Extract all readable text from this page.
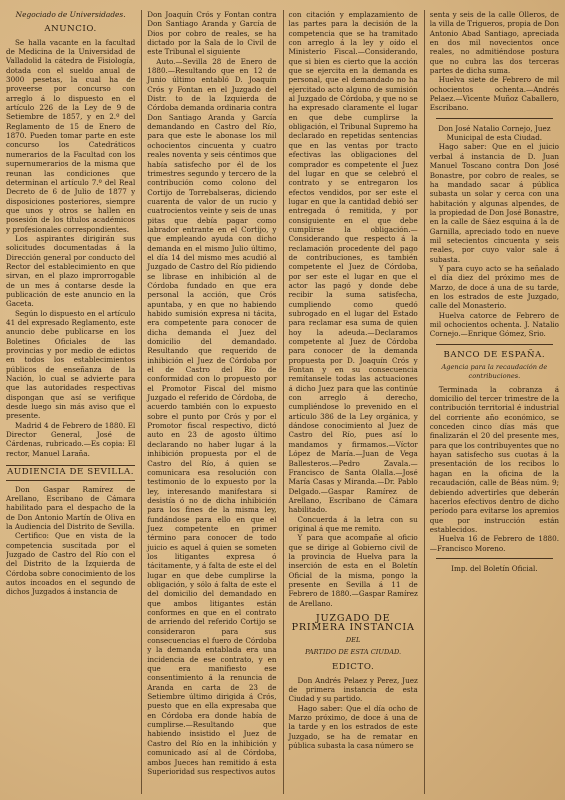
Negociado de Universidades.
ANUNCIO.

Se halla vacante en la facultad de Medicina de la Universidad de Valladolid la cátedra de Fisiología, dotada con el sueldo anual de 3000 pesetas, la cual ha de proveerse por concurso con arreglo á lo dispuesto en el artículo 226 de la Ley de 9 de Setiembre de 1857, y en 2.º del Reglamento de 15 de Enero de 1870. Pueden tomar parte en este concurso los Catedráticos numerarios de la Facultad con los supernumerarios de la misma que reunan las condiciones que determinan el artículo 7.º del Real Decreto de 6 de Julio de 1877 y disposiciones posteriores, siempre que unos y otros se hallen en posesión de los títulos académicos y profesionales correspondientes.

Los aspirantes dirigirán sus solicitudes documentadas á la Dirección general por conducto del Rector del establecimiento en que sirvan, en el plazo improrrogable de un mes á contarse desde la publicación de este anuncio en la Gaceta.

Según lo dispuesto en el artículo 41 del expresado Reglamento, este anuncio debe publicarse en los Boletines Oficiales de las provincias y por medio de edictos en todos los establecimientos públicos de enseñanza de la Nación, lo cual se advierte para que las autoridades respectivas dispongan que así se verifique desde luego sin más aviso que el presente.

Madrid 4 de Febrero de 1880. El Director General, José de Cárdenas, rubricado.—Es copia: El rector, Manuel Laraña.

AUDIENCIA DE SEVILLA.

Don Gaspar Ramírez de Arellano, Escribano de Cámara habilitado para el despacho de la de Don Antonio Martín de Oliva en la Audiencia del Distrito de Sevilla.

Certifico: Que en vista de la competencia suscitada por el Juzgado de Castro del Río con el del Distrito de la Izquierda de Córdoba sobre conocimiento de los autos incoados en el segundo de dichos Juzgados á instancia de

Don Joaquín Crós y Fontan contra Don Santiago Aranda y García de Dios por cobro de reales, se ha dictado por la Sala de lo Civil de este Tribunal el siguiente

Auto.—Sevilla 28 de Enero de 1880.—Resultando que en 12 de Junio último entabló D. Joaquín Crós y Fontan en el Juzgado del Distr. to de la Izquierda de Córdoba demanda ordinaria contra Don Santiago Aranda y García demandando en Castro del Río, para que este le abonase los mil ochocientos cincuenta y cuatro reales noventa y seis céntimos que había satisfecho por él de los trimestres segundo y tercero de la contribución como colono del Cortijo de Torrebalseras, diciendo cuarenta de valor de un rucio y cuatrocientos veinte y seis de unas pitas que debía pagar como labrador entrante en el Cortijo, y que empleando ayuda con dicho demanda en el mismo Julio último, el día 14 del mismo mes acudió al Juzgado de Castro del Río pidiendo se librase en inhibición al de Córdoba fundado en que era personal la acción, que Crós apuntaba, y en que no habiendo habido sumisión expresa ni tácita, era competente para conocer de dicha demanda el Juez del domicilio del demandado. Resultando que requerido de inhibición el Juez de Córdoba por el de Castro del Río de conformidad con lo propuesto por el Promotor Fiscal del mismo Juzgado el referido de Córdoba, de acuerdo también con lo expuesto sobre el punto por Crós y por el Promotor fiscal respectivo, dictó auto en 23 de agosto último declarando no haber lugar á la inhibición propuesta por el de Castro del Río, á quien se comunicara esa resolución con testimonio de lo expuesto por la ley, interesando manifestara si desistía ó no de dicha inhibición para los fines de la misma ley, fundándose para ello en que el Juez competente en primer término para conocer de todo juicio es aquel á quien se someten los litigantes expresa ó tácitamente, y á falta de este el del lugar en que debe cumplirse la obligación, y sólo á falta de este el del domicilio del demandado en que ambos litigantes están conformes en que en el contrato de arriendo del referido Cortijo se consideraron para sus consecuencias el fuero de Córdoba y la demanda entablada era una incidencia de ese contrato, y en que era manifiesto ese consentimiento á la renuncia de Aranda en carta de 23 de Setiembre último dirigida á Crós, puesto que en ella expresaba que en Córdoba era donde había de cumplirse.—Resultando que habiendo insistido el Juez de Castro del Río en la inhibición y comunicado así al de Córdoba, ambos Jueces han remitido á esta Superioridad sus respectivos autos

con citación y emplazamiento de las partes para la decisión de la competencia que se ha tramitado con arreglo á la ley y oído el Ministerio Fiscal.—Considerando, que si bien es cierto que la acción que se ejercita en la demanda es personal, que el demandado no ha ejercitado acto alguno de sumisión al Juzgado de Córdoba, y que no se ha expresado claramente el lugar en que debe cumplirse la obligación, el Tribunal Supremo ha declarado en repetidas sentencias que en las ventas por tracto efectivas las obligaciones del comprador es competente el Juez del lugar en que se celebró el contrato y se entregaron los efectos vendidos, por ser este el lugar en que la cantidad debió ser entregada ó remitida, y por consiguiente en el que debe cumplirse la obligación.—Considerando que respecto á la reclamación procedente del pago de contribuciones, es también competente el Juez de Córdoba, por ser este el lugar en que el actor las pagó y donde debe recibir la suma satisfecha, cumpliendo como quedó subrogado en el lugar del Estado para reclamar esa suma de quien hoy la adeuda.—Declaramos competente al Juez de Córdoba para conocer de la demanda propuesta por D. Joaquín Crós y Fontan y en su consecuencia remítansele todas las actuaciones á dicho Juez para que las continúe con arreglo á derecho, cumpliéndose lo prevenido en el artículo 386 de la Ley orgánica, y dándose conocimiento al Juez de Castro del Río, pues así lo mandamos y firmamos.—Víctor López de María.—Juan de Vega Ballesteros.—Pedro Zavala.—Francisco de Santa Olalla.—José María Casas y Miranda.—Dr. Pablo Delgado.—Gaspar Ramírez de Arellano, Escribano de Cámara habilitado.

Concuerda á la letra con su original á que me remito.

Y para que acompañe al oficio que se dirige al Gobierno civil de la provincia de Huelva para la inserción de esta en el Boletín Oficial de la misma, pongo la presente en Sevilla á 11 de Febrero de 1880.—Gaspar Ramírez de Arellano.

JUZGADO DE PRIMERA INSTANCIA
DEL
PARTIDO DE ESTA CIUDAD.
EDICTO.

Don Andrés Pelaez y Perez, Juez de primera instancia de esta Ciudad y su partido.

Hago saber: Que el día ocho de Marzo próximo, de doce á una de la tarde y en los estrados de este Juzgado, se ha de rematar en pública subasta la casa número se

senta y seis de la calle Olleros, de la villa de Trigueros, propia de Don Antonio Abad Santiago, apreciada en dos mil novecientos once reales, no admitiéndose postura que no cubra las dos terceras partes de dicha suma.

Huelva siete de Febrero de mil ochocientos ochenta.—Andrés Pelaez.—Vicente Muñoz Caballero, Escribano.

Don José Natalio Cornejo, Juez Municipal de esta Ciudad.

Hago saber: Que en el juicio verbal á instancia de D. Juan Manuel Toscano contra Don José Bonastre, por cobro de reales, se ha mandado sacar á pública subasta un solar y cerca con una habitación y algunas alpendes, de la propiedad de Don José Bonastre, en la calle de Sáez esquina á la de Garnilla, apreciado todo en nueve mil setecientos cincuenta y seis reales, por cuyo valor sale á subasta.

Y para cuyo acto se ha señalado el día diez del próximo mes de Marzo, de doce á una de su tarde, en los estrados de este Juzgado, calle del Monasterio.

Huelva catorce de Febrero de mil ochocientos ochenta. J. Natalio Cornejo.—Enrique Gómez, Srio.

BANCO DE ESPAÑA.
Agencia para la recaudación de contribuciones.

Terminada la cobranza á domicilio del tercer trimestre de la contribución territorial é industrial del corriente año económico, se conceden cinco días más que finalizarán el 20 del presente mes, para que los contribuyentes que no hayan satisfecho sus cuotas á la presentación de los recibos lo hagan en la oficina de la recaudación, calle de Béas núm. 9; debiendo advertirles que deberán hacerlos efectivos dentro de dicho período para evitarse los apremios que por instrucción están establecidos.

Huelva 16 de Febrero de 1880.—Francisco Moreno.

Imp. del Boletín Oficial.
